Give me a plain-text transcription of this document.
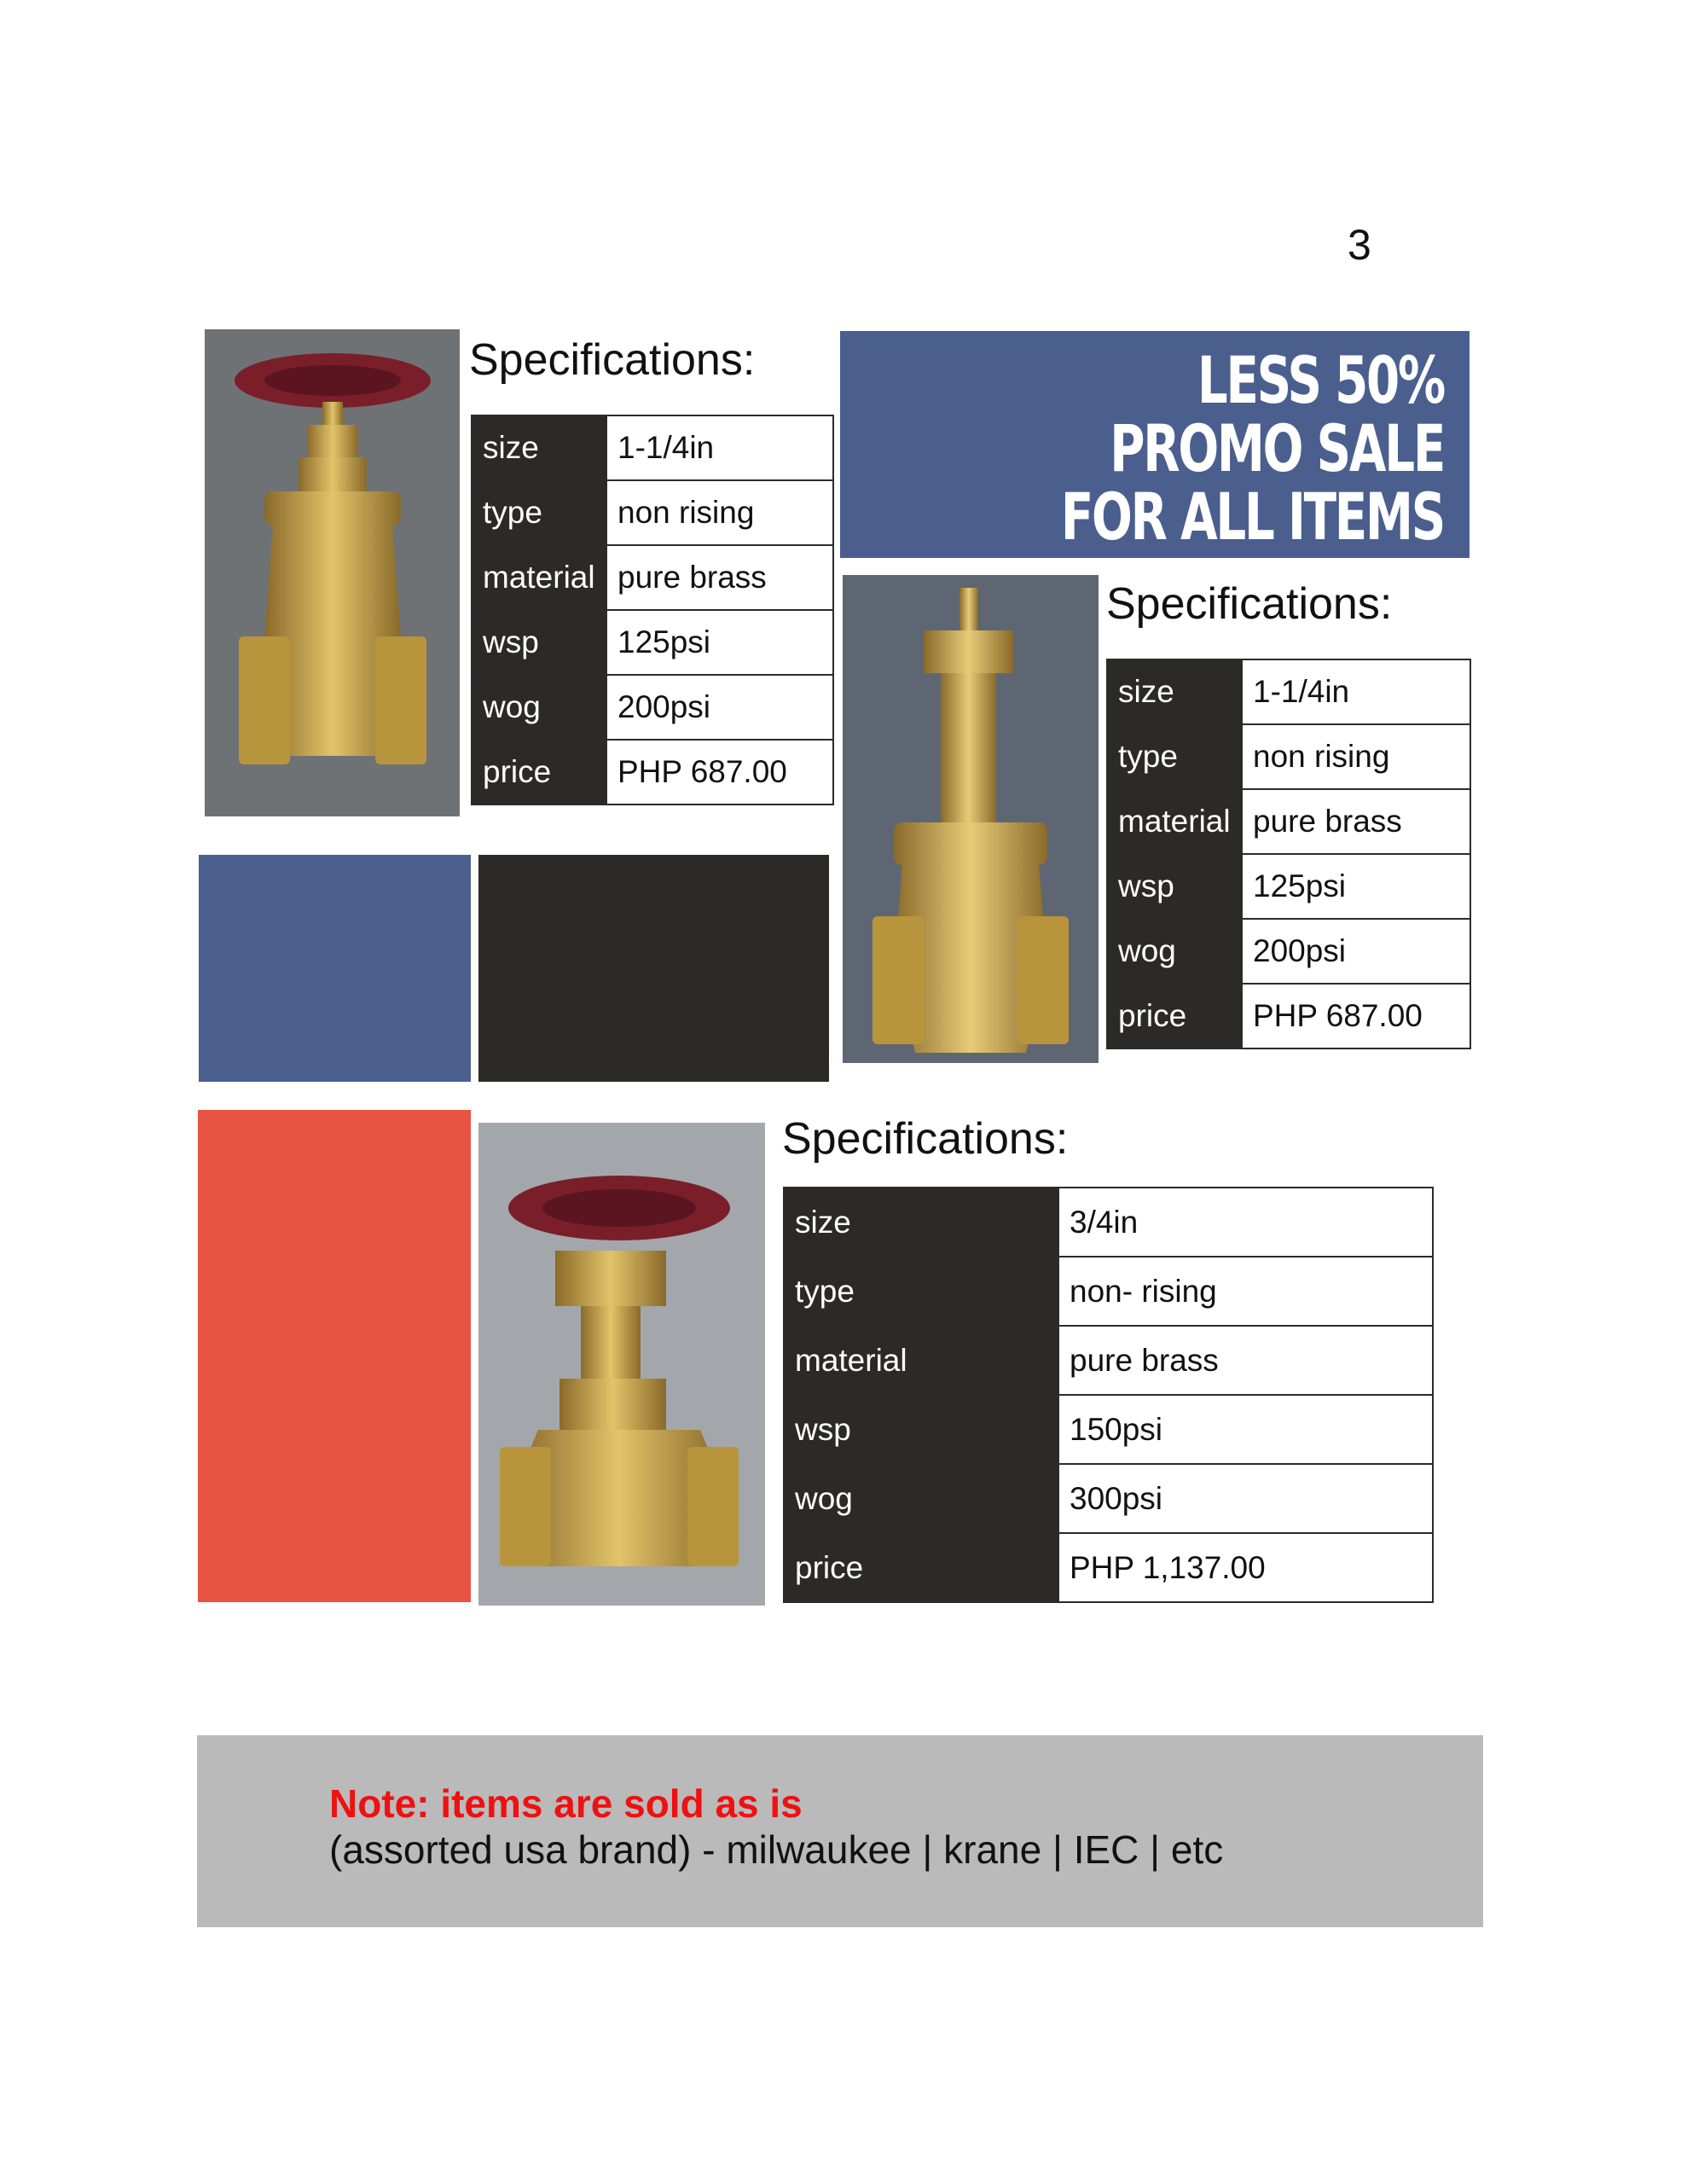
3
Specifications:
size	1-1/4in
type	non rising
material	pure brass
wsp	125psi
wog	200psi
price	PHP 687.00
LESS 50%
PROMO SALE
FOR ALL ITEMS
Specifications:
size	1-1/4in
type	non rising
material	pure brass
wsp	125psi
wog	200psi
price	PHP 687.00
Specifications:
size	3/4in
type	non- rising
material	pure brass
wsp	150psi
wog	300psi
price	PHP 1,137.00
Note: items are sold as is
(assorted usa brand) - milwaukee | krane | IEC | etc
